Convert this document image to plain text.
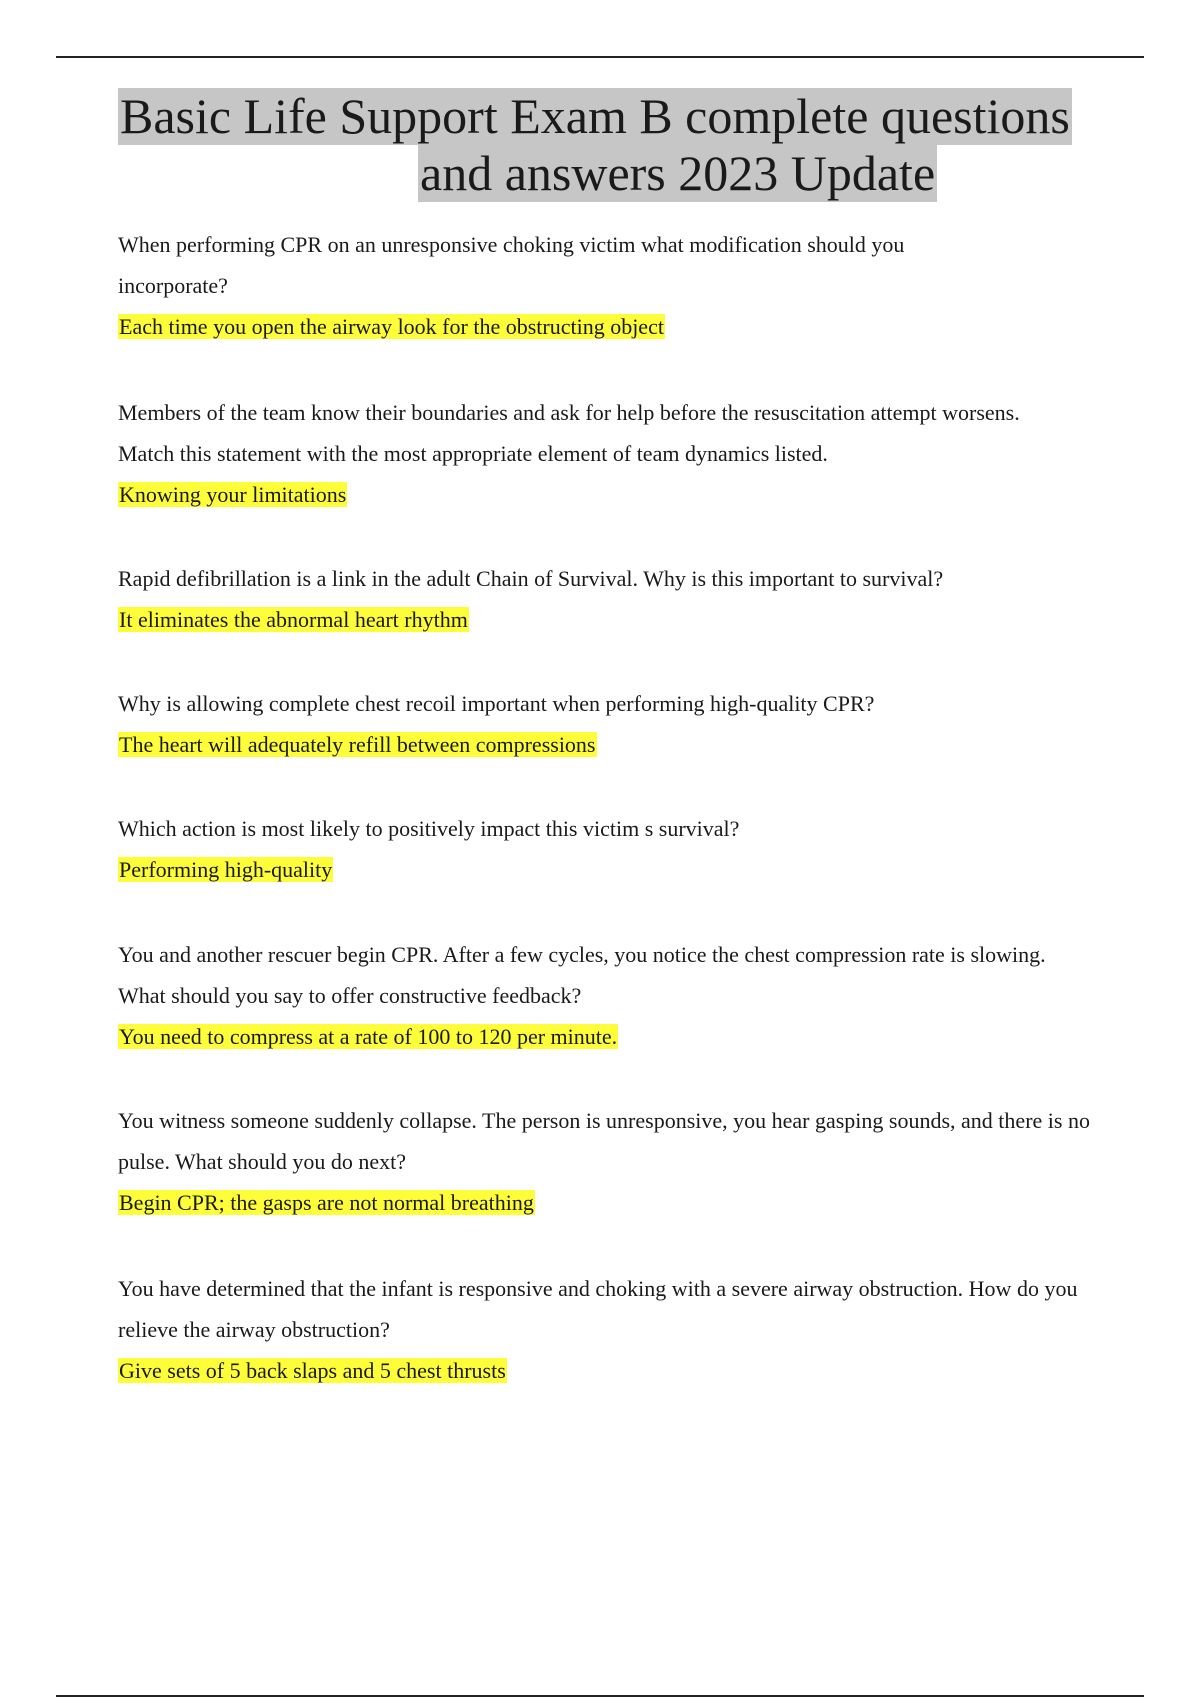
Basic Life Support Exam B complete questions
and answers 2023 Update

When performing CPR on an unresponsive choking victim what modification should you incorporate?

Each time you open the airway look for the obstructing object

Members of the team know their boundaries and ask for help before the resuscitation attempt worsens. Match this statement with the most appropriate element of team dynamics listed.

Knowing your limitations

Rapid defibrillation is a link in the adult Chain of Survival. Why is this important to survival?

It eliminates the abnormal heart rhythm

Why is allowing complete chest recoil important when performing high-quality CPR?

The heart will adequately refill between compressions

Which action is most likely to positively impact this victim s survival?

Performing high-quality

You and another rescuer begin CPR. After a few cycles, you notice the chest compression rate is slowing. What should you say to offer constructive feedback?

You need to compress at a rate of 100 to 120 per minute.

You witness someone suddenly collapse. The person is unresponsive, you hear gasping sounds, and there is no pulse. What should you do next?

Begin CPR; the gasps are not normal breathing

You have determined that the infant is responsive and choking with a severe airway obstruction. How do you relieve the airway obstruction?

Give sets of 5 back slaps and 5 chest thrusts
